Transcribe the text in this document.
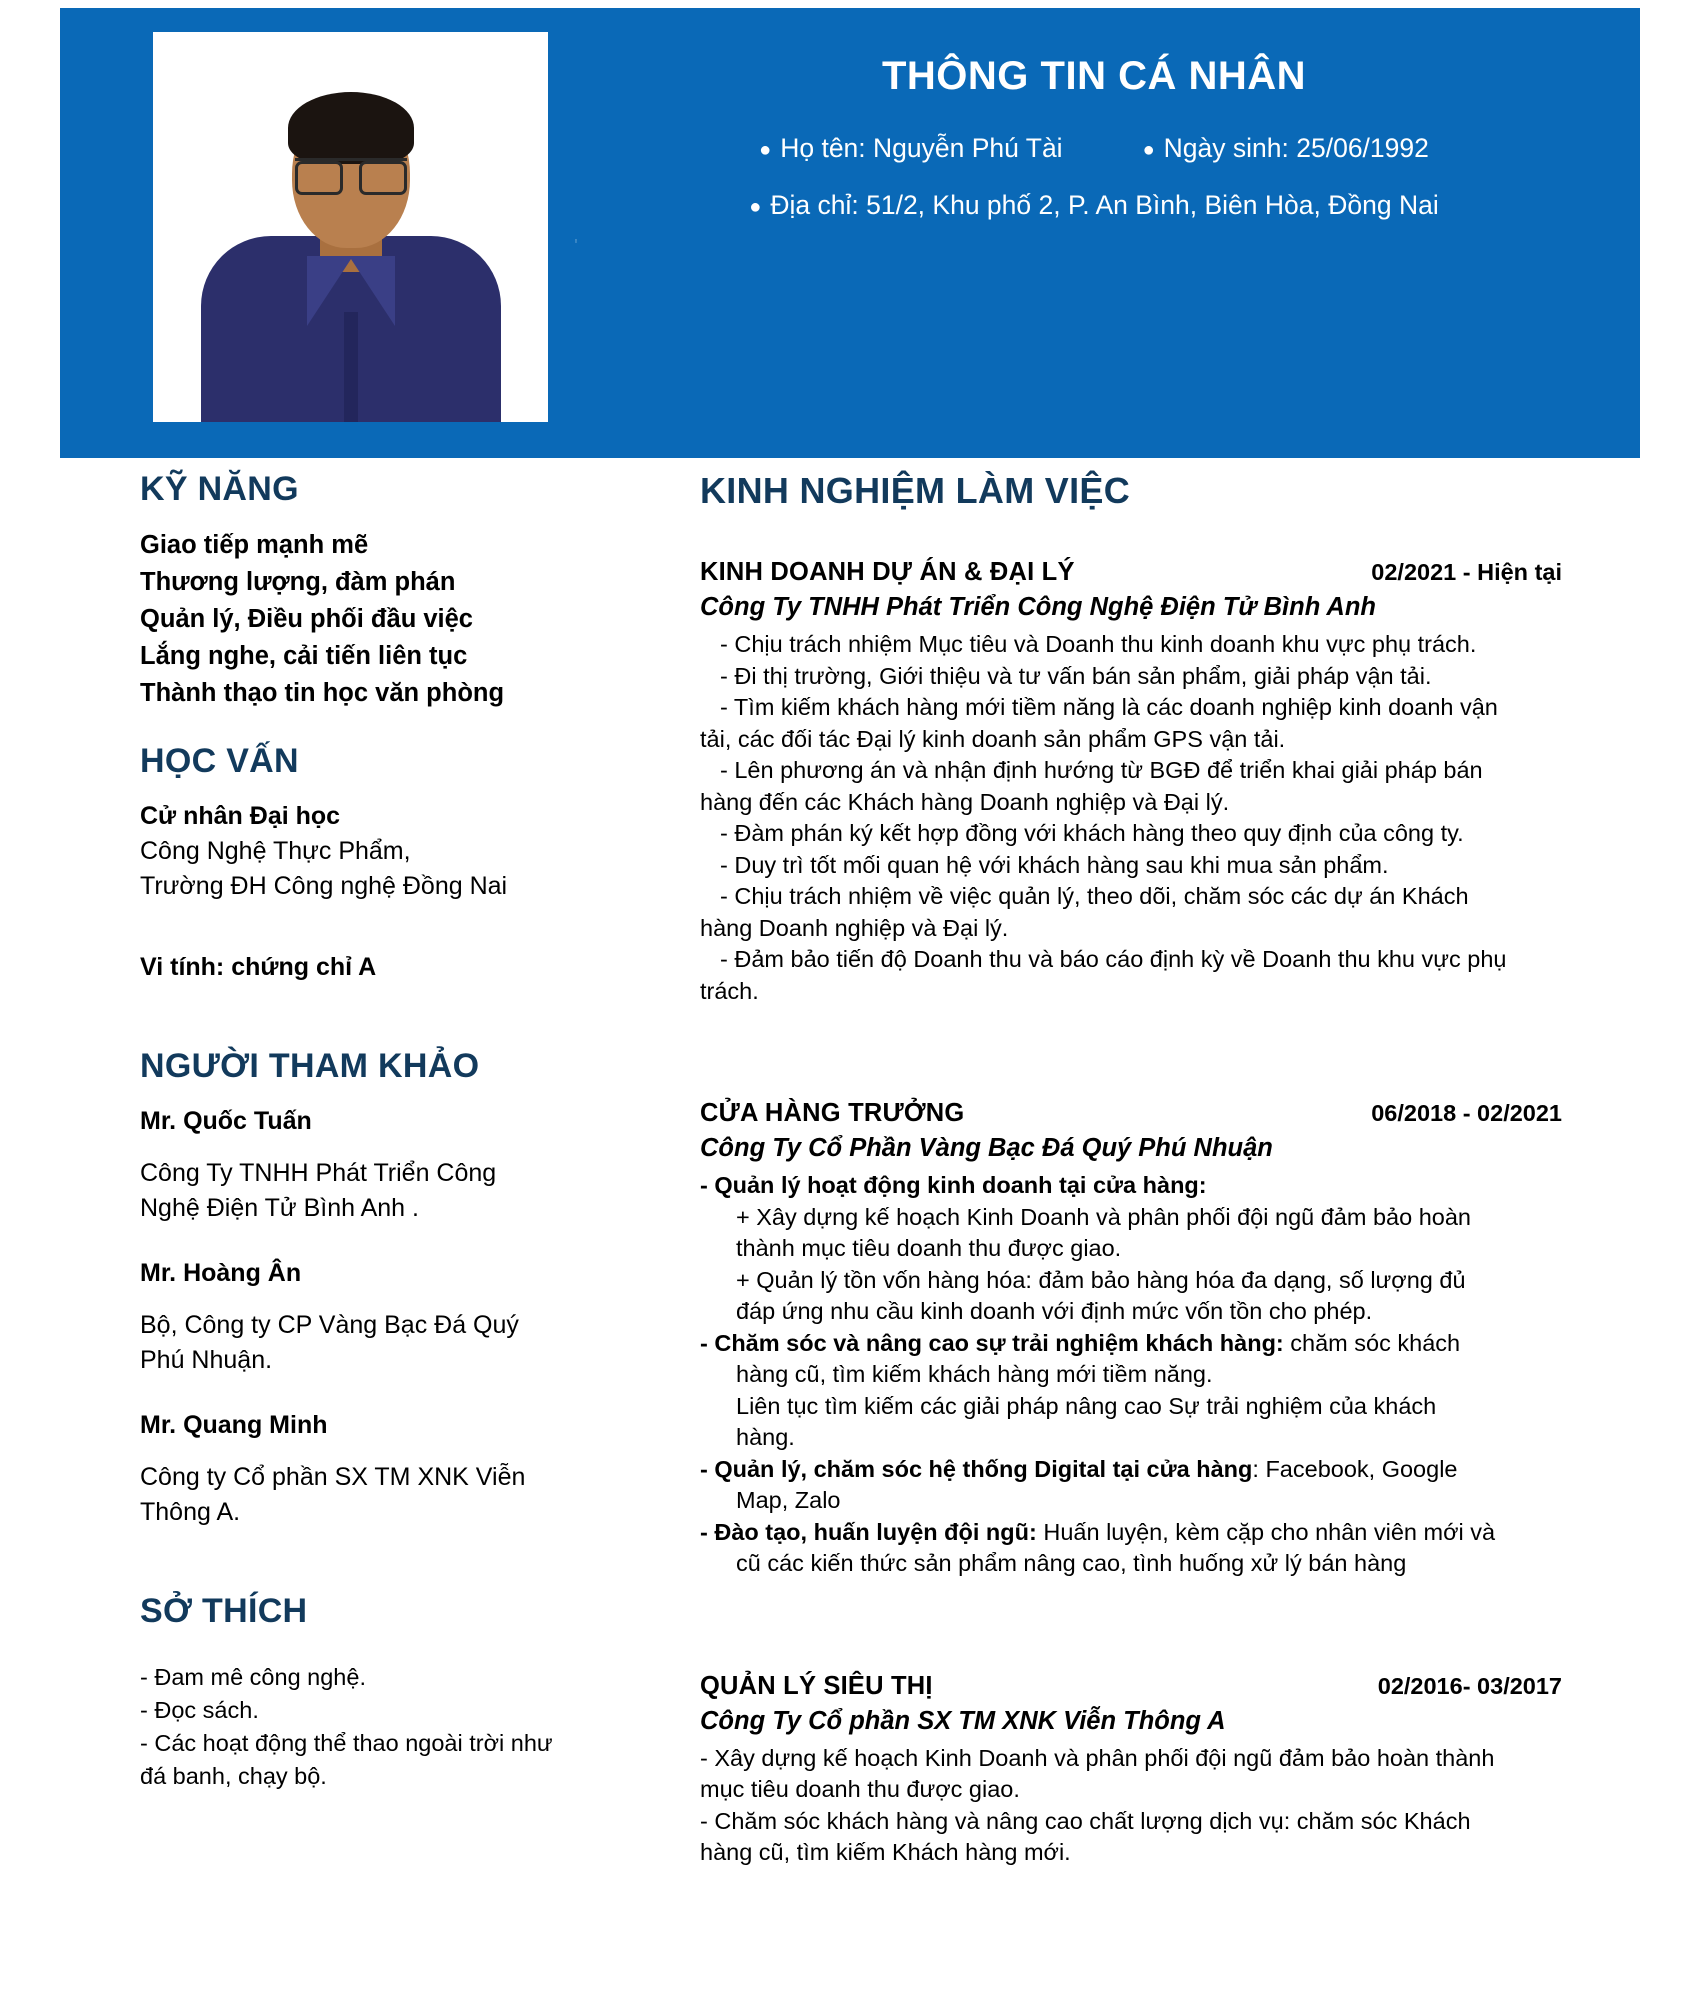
THÔNG TIN CÁ NHÂN
● Họ tên: Nguyễn Phú Tài	● Ngày sinh: 25/06/1992
● Địa chỉ: 51/2, Khu phố 2, P. An Bình, Biên Hòa, Đồng Nai

'
KỸ NĂNG
Giao tiếp mạnh mẽ
Thương lượng, đàm phán
Quản lý, Điều phối đầu việc
Lắng nghe, cải tiến liên tục
Thành thạo tin học văn phòng
HỌC VẤN
Cử nhân Đại học
Công Nghệ Thực Phẩm,
Trường ĐH Công nghệ Đồng Nai
Vi tính: chứng chỉ A
NGƯỜI THAM KHẢO
Mr. Quốc Tuấn
Công Ty TNHH Phát Triển Công
Nghệ Điện Tử Bình Anh .
Mr. Hoàng Ân
Bộ, Công ty CP Vàng Bạc Đá Quý
Phú Nhuận.
Mr. Quang Minh
Công ty Cổ phần SX TM XNK Viễn
Thông A.
SỞ THÍCH
- Đam mê công nghệ.
- Đọc sách.
- Các hoạt động thể thao ngoài trời như
đá banh, chạy bộ.
KINH NGHIỆM LÀM VIỆC
KINH DOANH DỰ ÁN & ĐẠI LÝ	02/2021 - Hiện tại
Công Ty TNHH Phát Triển Công Nghệ Điện Tử Bình Anh
- Chịu trách nhiệm Mục tiêu và Doanh thu kinh doanh khu vực phụ trách.
- Đi thị trường, Giới thiệu và tư vấn bán sản phẩm, giải pháp vận tải.
- Tìm kiếm khách hàng mới tiềm năng là các doanh nghiệp kinh doanh vận
tải, các đối tác Đại lý kinh doanh sản phẩm GPS vận tải.
- Lên phương án và nhận định hướng từ BGĐ để triển khai giải pháp bán
hàng đến các Khách hàng Doanh nghiệp và Đại lý.
- Đàm phán ký kết hợp đồng với khách hàng theo quy định của công ty.
- Duy trì tốt mối quan hệ với khách hàng sau khi mua sản phẩm.
- Chịu trách nhiệm về việc quản lý, theo dõi, chăm sóc các dự án Khách
hàng Doanh nghiệp và Đại lý.
- Đảm bảo tiến độ Doanh thu và báo cáo định kỳ về Doanh thu khu vực phụ
trách.
CỬA HÀNG TRƯỞNG	06/2018 - 02/2021
Công Ty Cổ Phần Vàng Bạc Đá Quý Phú Nhuận
- Quản lý hoạt động kinh doanh tại cửa hàng:
+ Xây dựng kế hoạch Kinh Doanh và phân phối đội ngũ đảm bảo hoàn
thành mục tiêu doanh thu được giao.
+ Quản lý tồn vốn hàng hóa: đảm bảo hàng hóa đa dạng, số lượng đủ
đáp ứng nhu cầu kinh doanh với định mức vốn tồn cho phép.
- Chăm sóc và nâng cao sự trải nghiệm khách hàng: chăm sóc khách
hàng cũ, tìm kiếm khách hàng mới tiềm năng.
Liên tục tìm kiếm các giải pháp nâng cao Sự trải nghiệm của khách
hàng.
- Quản lý, chăm sóc hệ thống Digital tại cửa hàng: Facebook, Google
Map, Zalo
- Đào tạo, huấn luyện đội ngũ: Huấn luyện, kèm cặp cho nhân viên mới và
cũ các kiến thức sản phẩm nâng cao, tình huống xử lý bán hàng
QUẢN LÝ SIÊU THỊ	02/2016- 03/2017
Công Ty Cổ phần SX TM XNK Viễn Thông A
- Xây dựng kế hoạch Kinh Doanh và phân phối đội ngũ đảm bảo hoàn thành
mục tiêu doanh thu được giao.
- Chăm sóc khách hàng và nâng cao chất lượng dịch vụ: chăm sóc Khách
hàng cũ, tìm kiếm Khách hàng mới.
